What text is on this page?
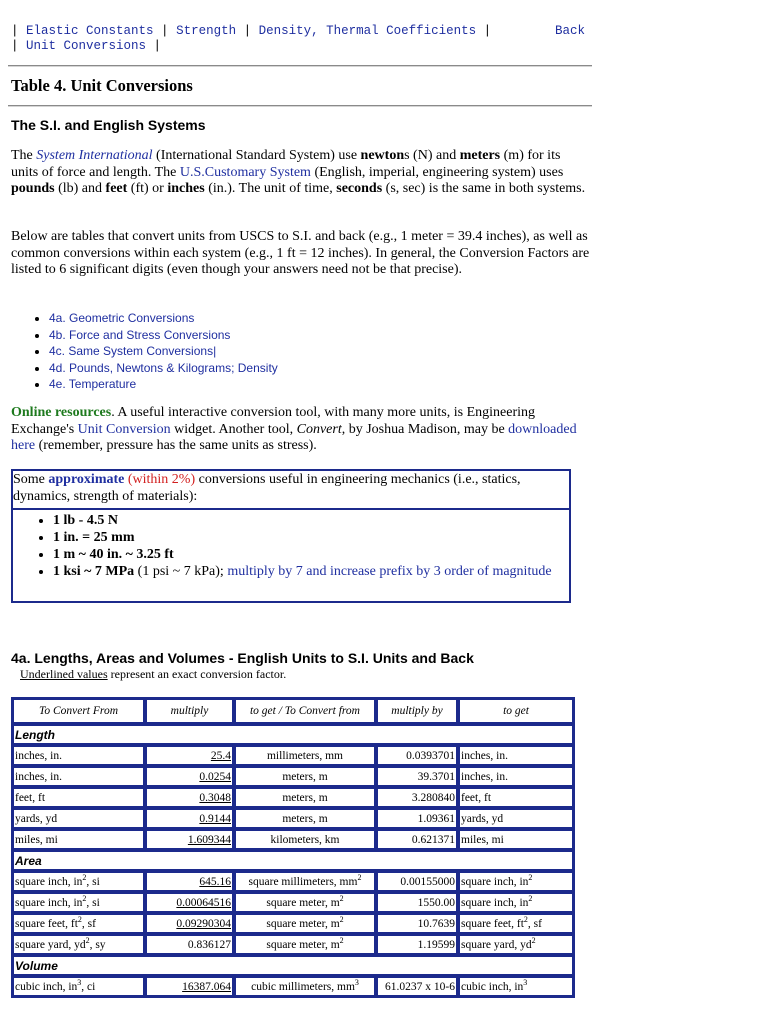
| Elastic Constants | Strength | Density, Thermal Coefficients |
| Unit Conversions |
Back
Table 4. Unit Conversions
The S.I. and English Systems

The System International (International Standard System) use newtons (N) and meters (m) for its units of force and length. The U.S.Customary System (English, imperial, engineering system) uses pounds (lb) and feet (ft) or inches (in.). The unit of time, seconds (s, sec) is the same in both systems.

Below are tables that convert units from USCS to S.I. and back (e.g., 1 meter = 39.4 inches), as well as common conversions within each system (e.g., 1 ft = 12 inches). In general, the Conversion Factors are listed to 6 significant digits (even though your answers need not be that precise).

• 4a. Geometric Conversions
• 4b. Force and Stress Conversions
• 4c. Same System Conversions|
• 4d. Pounds, Newtons & Kilograms; Density
• 4e. Temperature

Online resources. A useful interactive conversion tool, with many more units, is Engineering Exchange's Unit Conversion widget. Another tool, Convert, by Joshua Madison, may be downloaded here (remember, pressure has the same units as stress).

Some approximate (within 2%) conversions useful in engineering mechanics (i.e., statics, dynamics, strength of materials):
• 1 lb - 4.5 N
• 1 in. = 25 mm
• 1 m ~ 40 in. ~ 3.25 ft
• 1 ksi ~ 7 MPa (1 psi ~ 7 kPa); multiply by 7 and increase prefix by 3 order of magnitude
4a. Lengths, Areas and Volumes - English Units to S.I. Units and Back
Underlined values represent an exact conversion factor.
To Convert From	multiply	to get / To Convert from	multiply by	to get
Length				
inches, in.	25.4	millimeters, mm	0.0393701	inches, in.
inches, in.	0.0254	meters, m	39.3701	inches, in.
feet, ft	0.3048	meters, m	3.280840	feet, ft
yards, yd	0.9144	meters, m	1.09361	yards, yd
miles, mi	1.609344	kilometers, km	0.621371	miles, mi
Area				
square inch, $in^2$, si	645.16	square millimeters, $mm^2$	0.00155000	square inch, $in^2$
square inch, $in^2$, si	0.00064516	square meter, $m^2$	1550.00	square inch, $in^2$
square feet, $ft^2$, sf	0.09290304	square meter, $m^2$	10.7639	square feet, $ft^2$, sf
square yard, $yd^2$, sy	0.836127	square meter, $m^2$	1.19599	square yard, $yd^2$
Volume				
cubic inch, $in^3$, ci	16387.064	cubic millimeters, $mm^3$	61.0237 x 10-6	cubic inch, $in^3$
